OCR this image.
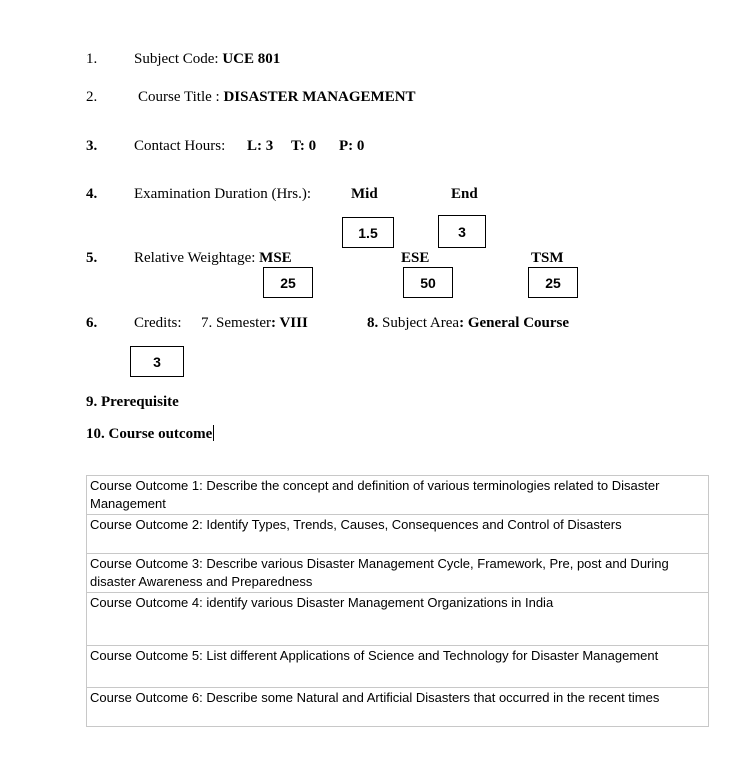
1. Subject Code: UCE 801
2.	Course Title : DISASTER MANAGEMENT
3. Contact Hours: L: 3 T: 0 P: 0
4. Examination Duration (Hrs.):	Mid	End
1.5	3
5. Relative Weightage: MSE	ESE	TSM
25	50	25
6. Credits: 7. Semester: VIII	8. Subject Area: General Course
3
9. Prerequisite
10. Course outcome
Course Outcome 1: Describe the concept and definition of various terminologies related to Disaster Management
Course Outcome 2: Identify Types, Trends, Causes, Consequences and Control of Disasters
Course Outcome 3: Describe various Disaster Management Cycle, Framework, Pre, post and During disaster Awareness and Preparedness
Course Outcome 4: identify various Disaster Management Organizations in India
Course Outcome 5: List different Applications of Science and Technology for Disaster Management
Course Outcome 6: Describe some Natural and Artificial Disasters that occurred in the recent times
